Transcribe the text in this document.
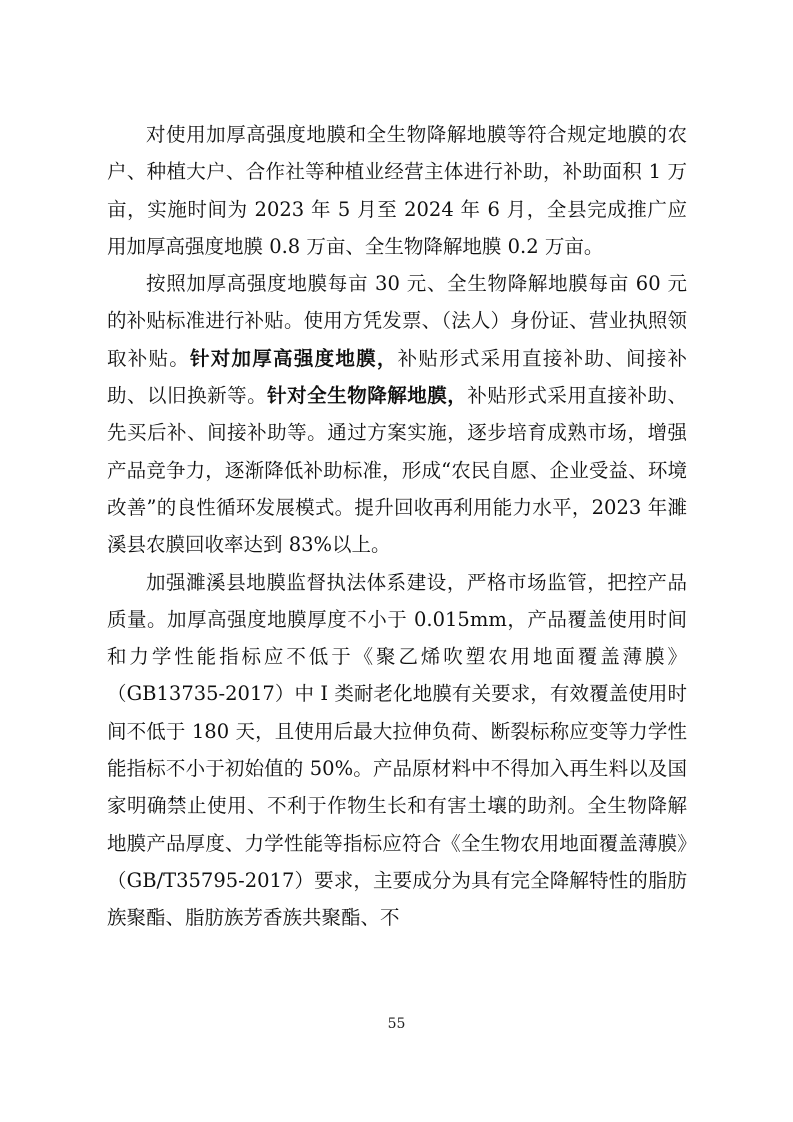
对使用加厚高强度地膜和全生物降解地膜等符合规定地膜的农户、种植大户、合作社等种植业经营主体进行补助，补助面积 1 万亩，实施时间为 2023 年 5 月至 2024 年 6 月，全县完成推广应用加厚高强度地膜 0.8 万亩、全生物降解地膜 0.2 万亩。

按照加厚高强度地膜每亩 30 元、全生物降解地膜每亩 60 元的补贴标准进行补贴。使用方凭发票、（法人）身份证、营业执照领取补贴。针对加厚高强度地膜，补贴形式采用直接补助、间接补助、以旧换新等。针对全生物降解地膜，补贴形式采用直接补助、先买后补、间接补助等。通过方案实施，逐步培育成熟市场，增强产品竞争力，逐渐降低补助标准，形成“农民自愿、企业受益、环境改善”的良性循环发展模式。提升回收再利用能力水平，2023 年濉溪县农膜回收率达到 83%以上。

加强濉溪县地膜监督执法体系建设，严格市场监管，把控产品质量。加厚高强度地膜厚度不小于 0.015mm，产品覆盖使用时间和力学性能指标应不低于《聚乙烯吹塑农用地面覆盖薄膜》（GB13735-2017）中 I 类耐老化地膜有关要求，有效覆盖使用时间不低于 180 天，且使用后最大拉伸负荷、断裂标称应变等力学性能指标不小于初始值的 50%。产品原材料中不得加入再生料以及国家明确禁止使用、不利于作物生长和有害土壤的助剂。全生物降解地膜产品厚度、力学性能等指标应符合《全生物农用地面覆盖薄膜》（GB/T35795-2017）要求，主要成分为具有完全降解特性的脂肪族聚酯、脂肪族芳香族共聚酯、不

55
